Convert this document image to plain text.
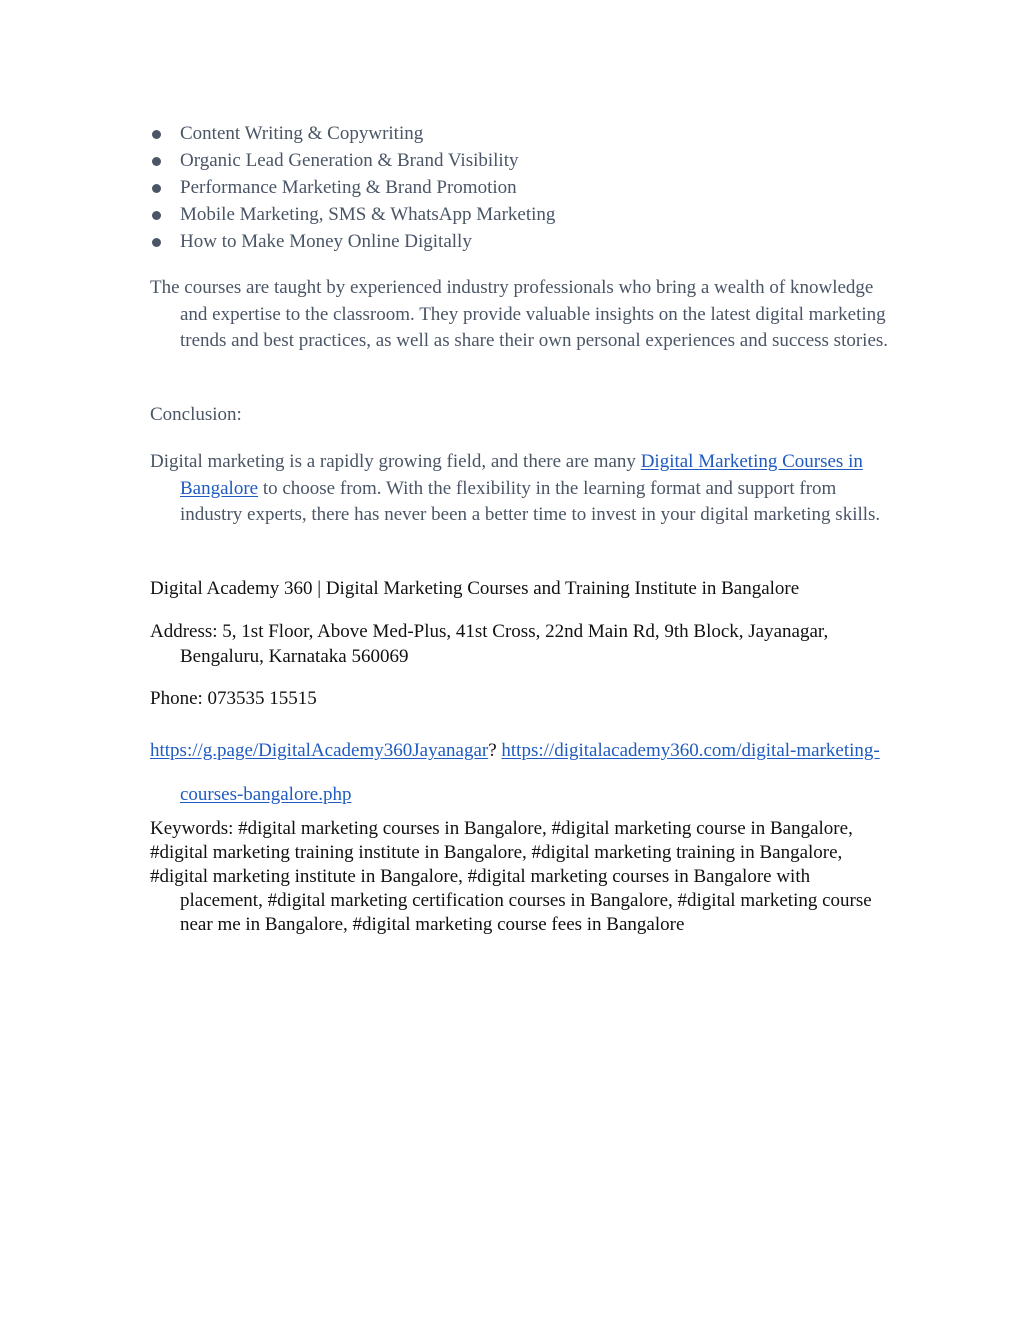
Content Writing & Copywriting
Organic Lead Generation & Brand Visibility
Performance Marketing & Brand Promotion
Mobile Marketing, SMS & WhatsApp Marketing
How to Make Money Online Digitally

The courses are taught by experienced industry professionals who bring a wealth of knowledge and expertise to the classroom. They provide valuable insights on the latest digital marketing trends and best practices, as well as share their own personal experiences and success stories.

Conclusion:

Digital marketing is a rapidly growing field, and there are many Digital Marketing Courses in Bangalore to choose from. With the flexibility in the learning format and support from industry experts, there has never been a better time to invest in your digital marketing skills.

Digital Academy 360 | Digital Marketing Courses and Training Institute in Bangalore

Address: 5, 1st Floor, Above Med-Plus, 41st Cross, 22nd Main Rd, 9th Block, Jayanagar, Bengaluru, Karnataka 560069

Phone: 073535 15515

https://g.page/DigitalAcademy360Jayanagar? https://digitalacademy360.com/digital-marketing-courses-bangalore.php

Keywords: #digital marketing courses in Bangalore, #digital marketing course in Bangalore,
#digital marketing training institute in Bangalore, #digital marketing training in Bangalore,
#digital marketing institute in Bangalore, #digital marketing courses in Bangalore with placement, #digital marketing certification courses in Bangalore, #digital marketing course near me in Bangalore, #digital marketing course fees in Bangalore
